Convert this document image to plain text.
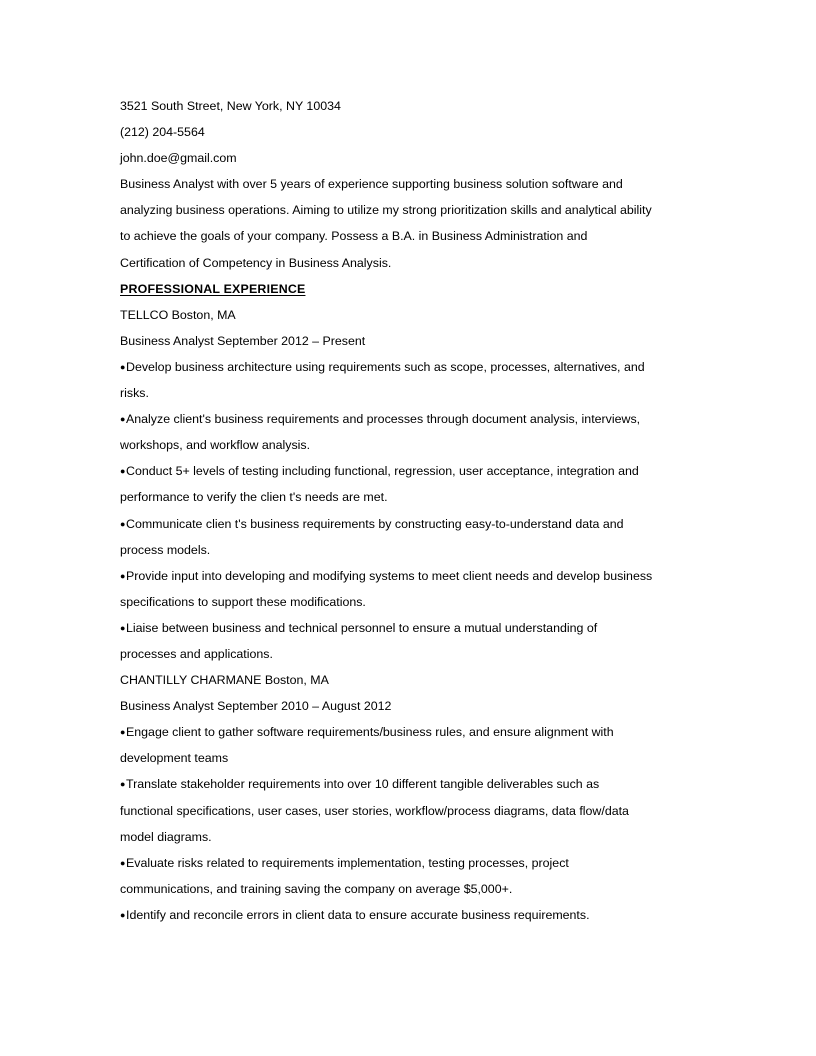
3521 South Street, New York, NY 10034
(212) 204-5564
john.doe@gmail.com
Business Analyst with over 5 years of experience supporting business solution software and
analyzing business operations. Aiming to utilize my strong prioritization skills and analytical ability
to achieve the goals of your company. Possess a B.A. in Business Administration and
Certification of Competency in Business Analysis.
PROFESSIONAL EXPERIENCE
TELLCO Boston, MA
Business Analyst September 2012 – Present
●Develop business architecture using requirements such as scope, processes, alternatives, and
risks.
●Analyze client's business requirements and processes through document analysis, interviews,
workshops, and workflow analysis.
●Conduct 5+ levels of testing including functional, regression, user acceptance, integration and
performance to verify the clien t's needs are met.
●Communicate clien t's business requirements by constructing easy-to-understand data and
process models.
●Provide input into developing and modifying systems to meet client needs and develop business
specifications to support these modifications.
●Liaise between business and technical personnel to ensure a mutual understanding of
processes and applications.
CHANTILLY CHARMANE Boston, MA
Business Analyst September 2010 – August 2012
●Engage client to gather software requirements/business rules, and ensure alignment with
development teams
●Translate stakeholder requirements into over 10 different tangible deliverables such as
functional specifications, user cases, user stories, workflow/process diagrams, data flow/data
model diagrams.
●Evaluate risks related to requirements implementation, testing processes, project
communications, and training saving the company on average $5,000+.
●Identify and reconcile errors in client data to ensure accurate business requirements.
